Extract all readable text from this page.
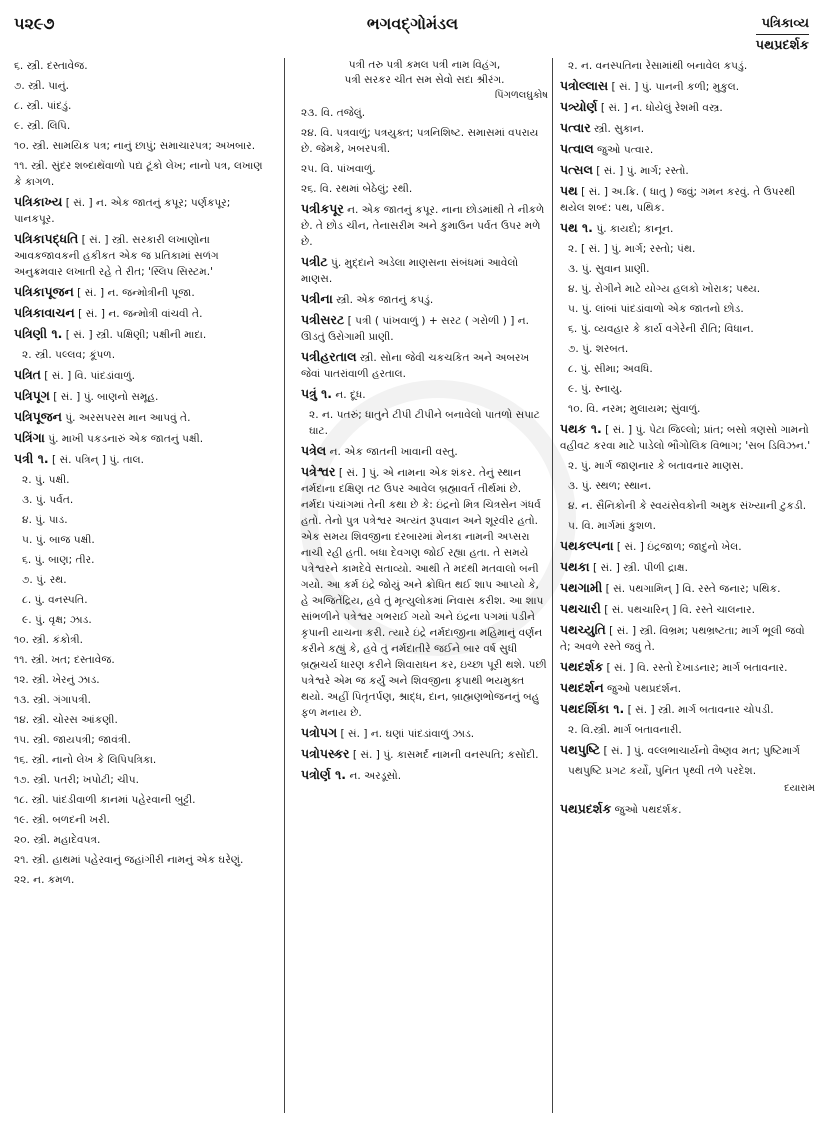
૫૨૯૭	ભગવદ્ગોમંડલ	પત્રિકાવ્ય
પથપ્રદર્શક
૬. સ્ત્રી. દસ્તાવેજ.
૭. સ્ત્રી. પાનું.
૮. સ્ત્રી. પાંદડું.
૯. સ્ત્રી. લિપિ.
૧૦. સ્ત્રી. સામયિક પત્ર; નાનું છાપું; સમાચારપત્ર; અખબાર.
૧૧. સ્ત્રી. સુંદર શબ્દાથૅવાળો પદ્ય ટૂંકો લેખ; નાનો પત્ર, લખાણ કે કાગળ.
પત્રિકાખ્ય [ સં. ] ન. એક જાતનું કપૂર; પર્ણકપૂર; પાનકપૂર.
પત્રિકાપદ્ધતિ [ સં. ] સ્ત્રી. સરકારી લખાણોના આવકજાવકની હકીકત એક જ પ્રતિકામાં સળંગ અનુક્રમવાર લખાતી રહે તે રીત; 'સ્લિપ સિસ્ટમ.'
પત્રિકાપૂજન [ સં. ] ન. જન્મોત્રીની પૂજા.
પત્રિકાવાચન [ સં. ] ન. જન્મોત્રી વાંચવી તે.
પત્રિણી ૧. [ સં. ] સ્ત્રી. પક્ષિણી; પક્ષીની માદા.
૨. સ્ત્રી. પલ્લવ; કૂંપળ.
પત્રિત [ સં. ] વિ. પાંદડાંવાળું.
પત્રિપૂગ [ સં. ] પું. બાણનો સમૂહ.
પત્રિપૂજન પું. અરસપરસ માન આપવું તે.
પત્રિંગા પું. માખી પકડનારું એક જાતનું પક્ષી.
પત્રી ૧. [ સં. પત્રિન્ ] પું. તાલ.
૨. પું. પક્ષી.
૩. પું. પર્વત.
૪. પું. પાડ.
૫. પું. બાજ પક્ષી.
૬. પું. બાણ; તીર.
૭. પું. રથ.
૮. પું. વનસ્પતિ.
૯. પું. વૃક્ષ; ઝાડ.
૧૦. સ્ત્રી. કંકોત્રી.
૧૧. સ્ત્રી. ખત; દસ્તાવેજ.
૧૨. સ્ત્રી. ખેરનું ઝાડ.
૧૩. સ્ત્રી. ગંગાપત્રી.
૧૪. સ્ત્રી. ચોરસ આંકણી.
૧૫. સ્ત્રી. જાયપત્રી; જાવંત્રી.
૧૬. સ્ત્રી. નાનો લેખ કે લિપિપત્રિકા.
૧૭. સ્ત્રી. પતરી; ખપોટી; ચીપ.
૧૮. સ્ત્રી. પાંદડીવાળી કાનમાં પહેરવાની બુટ્ટી.
૧૯. સ્ત્રી. બળદની ખરી.
૨૦. સ્ત્રી. મહાદેવપત્ર.
૨૧. સ્ત્રી. હાથમાં પહેરવાનું જહાંગીરી નામનું એક ઘરેણું.
૨૨. ન. કમળ.
પત્રી તરુ પત્રી કમલ પત્રી નામ વિહંગ,
પત્રી સરકર ચીત સમ સેવો સદા શ્રીરંગ.
પિંગળલઘુકોષ
૨૩. વિ. તજેલું.
૨૪. વિ. પત્રવાળું; પત્રયુક્ત; પત્રનિશિષ્ટ. સમાસમાં વપરાય છે. જેમકે, ખબરપત્રી.
૨૫. વિ. પાંખવાળું.
૨૬. વિ. રથમાં બેઠેલું; રથી.
પત્રીકપૂર ન. એક જાતનું કપૂર. નાના છોડમાંથી તે નીકળે છે. તે છોડ ચીન, તેનાસરીમ અને કુમાઉન પર્વત ઉપર મળે છે.
પત્રીટ પું. મુદ્દાને અડેલા માણસના સંબંધમાં આવેલો માણસ.
પત્રીના સ્ત્રી. એક જાતનું કપડું.
પત્રીસરટ [ પત્રી ( પાંખવાળું ) + સરટ ( ગરોળી ) ] ન. ઊડતું ઉરોગામી પ્રાણી.
પત્રીહરતાલ સ્ત્રી. સોના જેવી ચકચકિત અને અબરખ જેવાં પાતરાંવાળી હરતાલ.
પત્રું ૧. ન. દૂધ.
૨. ન. પતરું; ધાતુને ટીપી ટીપીને બનાવેલો પાતળો સપાટ ઘાટ.
પત્રેલ ન. એક જાતની ખાવાની વસ્તુ.
પત્રેશ્વર [ સં. ] પું. એ નામના એક શંકર. તેનું સ્થાન નર્મદાના દક્ષિણ તટ ઉપર આવેલ બ્રહ્માવર્ત તીર્થમાં છે. નર્મદા પંચાંગમાં તેની કથા છે કે: ઇંદ્રનો મિત્ર ચિત્રસેન ગંધર્વ હતો. તેનો પુત્ર પત્રેશ્વર અત્યંત રૂપવાન અને શૂરવીર હતો. એક સમય શિવજીના દરબારમાં મેનકા નામની અપ્સરા નાચી રહી હતી. બધા દેવગણ જોઈ રહ્યા હતા. તે સમયે પત્રેશ્વરને કામદેવે સતાવ્યો. આથી તે મદથી મતવાલો બની ગયો. આ કર્મ ઇંદ્રે જોયું અને ક્રોધિત થઈ શાપ આપ્યો કે, હે અજિતેંદ્રિય, હવે તું મૃત્યુલોકમાં નિવાસ કરીશ. આ શાપ સાંભળીને પત્રેશ્વર ગભરાઈ ગયો અને ઇંદ્રના પગમાં પડીને કૃપાની યાચના કરી. ત્યારે ઇંદ્રે નર્મદાજીના મહિમાનું વર્ણન કરીને કહ્યું કે, હવે તું નર્મદાતીરે જઈને બાર વર્ષ સુધી બ્રહ્મચર્ય ધારણ કરીને શિવારાધન કર, ઇચ્છા પૂરી થશે. પછી પત્રેશ્વરે એમ જ કર્યું અને શિવજીના કૃપાથી ભયમુક્ત થયો. અહીં પિતૃતર્પણ, શ્રાદ્ધ, દાન, બ્રાહ્મણભોજનનું બહુ ફળ મનાય છે.
પત્રોપગ [ સં. ] ન. ઘણાં પાંદડાંવાળું ઝાડ.
પત્રોપસ્કર [ સં. ] પું. કાસમર્દ નામની વનસ્પતિ; કસોંદી.
પત્રોર્ણ ૧. ન. અરડૂસો.
૨. ન. વનસ્પતિના રેસામાંથી બનાવેલ કપડું.
પત્રોલ્લાસ [ સં. ] પું. પાનની કળી; મુકુલ.
પત્ર્યોર્ણ [ સં. ] ન. ધોયેલું રેશમી વસ્ત્ર.
પત્વાર સ્ત્રી. સુકાન.
પત્વાલ જુઓ પત્વાર.
પત્સલ [ સં. ] પું. માર્ગ; રસ્તો.
પથ [ સં. ] અ.ક્રિ. ( ધાતુ ) જવું; ગમન કરવું. તે ઉપરથી થયેલ શબ્દ: પથ, પથિક.
પથ ૧. પું. કાયદો; કાનૂન.
૨. [ સં. ] પું. માર્ગ; રસ્તો; પંથ.
૩. પું. સુવાન પ્રાણી.
૪. પું. રોગીને માટે યોગ્ય હલકો ખોરાક; પથ્ય.
૫. પું. લાંબાં પાંદડાંવાળો એક જાતનો છોડ.
૬. પું. વ્યવહાર કે કાર્ય વગેરેની રીતિ; વિધાન.
૭. પું. શરબત.
૮. પું. સીમા; અવધિ.
૯. પું. સ્નાયુ.
૧૦. વિ. નરમ; મુલાયમ; સુંવાળું.
પથક ૧. [ સં. ] પું. પેટા જિલ્લો; પ્રાંત; બસો ત્રણસો ગામનો વહીવટ કરવા માટે પાડેલો ભૌગોલિક વિભાગ; 'સબ ડિવિઝન.'
૨. પું. માર્ગ જાણનાર કે બતાવનાર માણસ.
૩. પું. સ્થળ; સ્થાન.
૪. ન. સૈનિકોની કે સ્વયંસેવકોની અમુક સંખ્યાની ટુકડી.
૫. વિ. માર્ગમાં કુશળ.
પથકલ્પના [ સં. ] ઇંદ્રજાળ; જાદુનો ખેલ.
પથકા [ સં. ] સ્ત્રી. પીળી દ્રાક્ષ.
પથગામી [ સં. પથગામિન્ ] વિ. રસ્તે જનાર; પથિક.
પથચારી [ સં. પથચારિન્ ] વિ. રસ્તે ચાલનાર.
પથચ્યુતિ [ સં. ] સ્ત્રી. વિભ્રમ; પથભ્રષ્ટતા; માર્ગ ભૂલી જવો તે; અવળે રસ્તે જવું તે.
પથદર્શક [ સં. ] વિ. રસ્તો દેખાડનાર; માર્ગ બતાવનાર.
પથદર્શન જુઓ પથપ્રદર્શન.
પથદર્શિકા ૧. [ સં. ] સ્ત્રી. માર્ગ બતાવનાર ચોપડી.
૨. વિ.સ્ત્રી. માર્ગ બતાવનારી.
પથપુષ્ટિ [ સં. ] પું. વલ્લભાચાર્યનો વૈષ્ણવ મત; પુષ્ટિમાર્ગ
પથપુષ્ટિ પ્રગટ કર્યો, પુનિત પૃથ્વી તળે પરદેશ.
દયારામ
પથપ્રદર્શક જુઓ પથદર્શક.
